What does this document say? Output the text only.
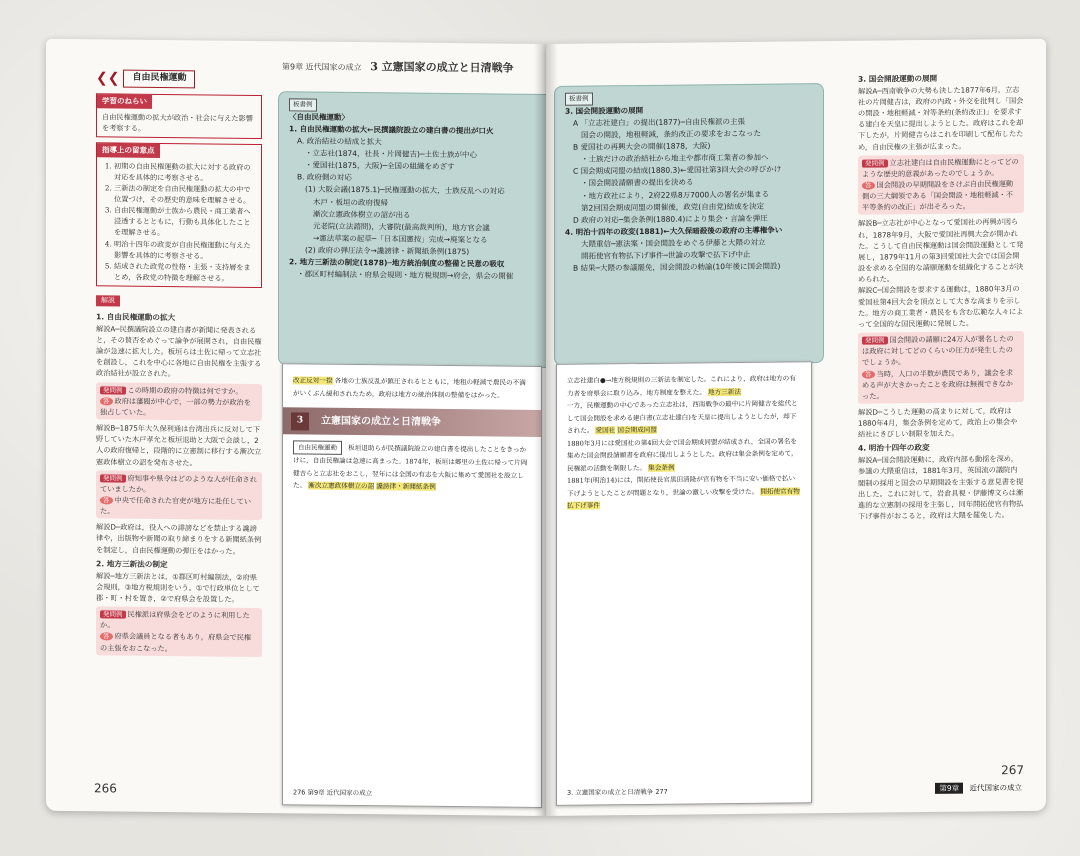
第9章 近代国家の成立 3 立憲国家の成立と日清戦争
❮❮	自由民権運動
学習のねらい
自由民権運動の拡大が政治・社会に与えた影響を考察する。
指導上の留意点
1. 初期の自由民権運動の拡大に対する政府の対応を具体的に考察させる。
2. 三新法の制定を自由民権運動の拡大の中で位置づけ，その歴史的意味を理解させる。
3. 自由民権運動が士族から農民・商工業者へ浸透するとともに，行動も具体化したことを理解させる。
4. 明治十四年の政変が自由民権運動に与えた影響を具体的に考察させる。
5. 結成された政党の性格・主張・支持層をまとめ，各政党の特徴を理解させる。
解説
1. 自由民権運動の拡大
解説A─民撰議院設立の建白書が新聞に発表されると，その賛否をめぐって論争が展開され，自由民権論が急速に拡大した。板垣らは土佐に帰って立志社を創設し，これを中心に各地に自由民権を主張する政治結社が設立された。
発問例 この時期の政府の特徴は何ですか。
答 政府は藩閥が中心で，一部の勢力が政治を独占していた。
解説B─1875年大久保利通は台湾出兵に反対して下野していた木戸孝允と板垣退助と大阪で会談し，2人の政府復帰と，段階的に立憲制に移行する漸次立憲政体樹立の詔を発布させた。
発問例 府知事や県令はどのような人が任命されていましたか。
答 中央で任命された官吏が地方に赴任していた。
解説D─政府は，役人への誹謗などを禁止する讒謗律や，出版物や新聞の取り締まりをする新聞紙条例を制定し，自由民権運動の弾圧をはかった。
2. 地方三新法の制定
解説─地方三新法とは，①郡区町村編制法，②府県会規則，③地方税規則をいう。①で行政単位として郡・町・村を置き，②で府県会を設置した。
発問例 民権派は府県会をどのように利用したか。
答 府県会議員となる者もあり，府県会で民権の主張をおこなった。
板書例
〈自由民権運動〉
1. 自由民権運動の拡大←民撰議院設立の建白書の提出が口火
A. 政治結社の結成と拡大
・立志社(1874，社長・片岡健吉)─土佐士族が中心
・愛国社(1875，大阪)─全国の組織をめざす
B. 政府側の対応
(1) 大阪会議(1875.1)─民権運動の拡大，士族反乱への対応
木戸・板垣の政府復帰
漸次立憲政体樹立の詔が出る
元老院(立法諮問)，大審院(最高裁判所)，地方官会議
→憲法草案の起草─「日本国憲按」完成→廃案となる
(2) 政府の弾圧法令→讒謗律・新聞紙条例(1875)
2. 地方三新法の制定(1878)─地方統治制度の整備と民意の吸収
・郡区町村編制法・府県会規則・地方税規則→府会，県会の開催
改正反対一揆 各地の士族反乱が鎮圧されるとともに，地租の軽減で農民の不満がいくぶん緩和されたため，政府は地方の統治体制の整備をはかった。
3	立憲国家の成立と日清戦争
自由民権運動 板垣退助らが民撰議院設立の建白書を提出したことをきっかけに，自由民権論は急速に高まった。1874年，板垣は郷里の土佐に帰って片岡健吉らと立志社をおこし，翌年には全国の有志を大阪に集めて愛国社を設立した。 漸次立憲政体樹立の詔 讒謗律・新聞紙条例
276 第9章 近代国家の成立
266
板書例
3. 国会開設運動の展開
A 「立志社建白」の提出(1877)─自由民権派の主張
国会の開設，地租軽減，条約改正の要求をおこなった
B 愛国社の再興大会の開催(1878，大阪)
・士族だけの政治結社から地主や都市商工業者の参加へ
C 国会期成同盟の結成(1880.3)←愛国社第3回大会の呼びかけ
・国会開設請願書の提出を決める
・地方政社により，2府22県8万7000人の署名が集まる
第2回国会期成同盟の開催後，政党(自由党)結成を決定
D 政府の対応─集会条例(1880.4)により集会・言論を弾圧
4. 明治十四年の政変(1881)←大久保暗殺後の政府の主導権争い
大隈重信─憲法案・国会開設をめぐる伊藤と大隈の対立
開拓使官有物払下げ事件─世論の攻撃で払下げ中止
B 結果─大隈の参議罷免，国会開設の勅諭(10年後に国会開設)
立志社建白●→地方税規則の三新法を制定した。これにより，政府は地方の有力者を府県会に取り込み，地方制度を整えた。 地方三新法
一方，民権運動の中心であった立志社は，西南戦争の最中に片岡健吉を総代として国会開設を求める建白書(立志社建白)を天皇に提出しようとしたが，却下された。 愛国社 国会期成同盟
1880年3月には愛国社の第4回大会で国会期成同盟が結成され，全国の署名を集めた国会開設請願書を政府に提出しようとした。政府は集会条例を定めて，民権派の活動を制限した。 集会条例
1881年(明治14)には，開拓使長官黒田清隆が官有物を不当に安い価格で払い下げようとしたことが問題となり，世論の激しい攻撃を受けた。 開拓使官有物払下げ事件
3. 立憲国家の成立と日清戦争 277
3. 国会開設運動の展開
解説A─西南戦争の大勢も決した1877年6月，立志社の片岡健吉は，政府の内政・外交を批判し「国会の開設・地租軽減・対等条約(条約改正)」を要求する建白を天皇に提出しようとした。政府はこれを却下したが，片岡健吉らはこれを印刷して配布したため，自由民権の主張が広まった。
発問例 立志社建白は自由民権運動にとってどのような歴史的意義があったのでしょうか。
答 国会開設の早期開設をさけぶ自由民権運動側の三大綱領である「国会開設・地租軽減・不平等条約の改正」が出そろった。
解説B─立志社が中心となって愛国社の再興が図られ，1878年9月，大阪で愛国社再興大会が開かれた。こうして自由民権運動は国会開設運動として発展し，1879年11月の第3回愛国社大会では国会開設を求める全国的な請願運動を組織化することが決められた。
解説C─国会開設を要求する運動は，1880年3月の愛国社第4回大会を頂点として大きな高まりを示した。地方の商工業者・農民をも含む広範な人々によって全国的な国民運動に発展した。
発問例 国会開設の請願に24万人が署名したのは政府に対してどのくらいの圧力が発生したのでしょうか。
答 当時，人口の半数が農民であり，議会を求める声が大きかったことを政府は無視できなかった。
解説D─こうした運動の高まりに対して，政府は1880年4月，集会条例を定めて，政治上の集会や結社にきびしい制限を加えた。
4. 明治十四年の政変
解説A─国会開設運動に，政府内部も動揺を深め，参議の大隈重信は，1881年3月，英国流の議院内閣制の採用と国会の早期開設を主張する意見書を提出した。これに対して，岩倉具視・伊藤博文らは漸進的な立憲制の採用を主張し，同年開拓使官有物払下げ事件がおこると，政府は大隈を罷免した。
第9章 近代国家の成立
267
